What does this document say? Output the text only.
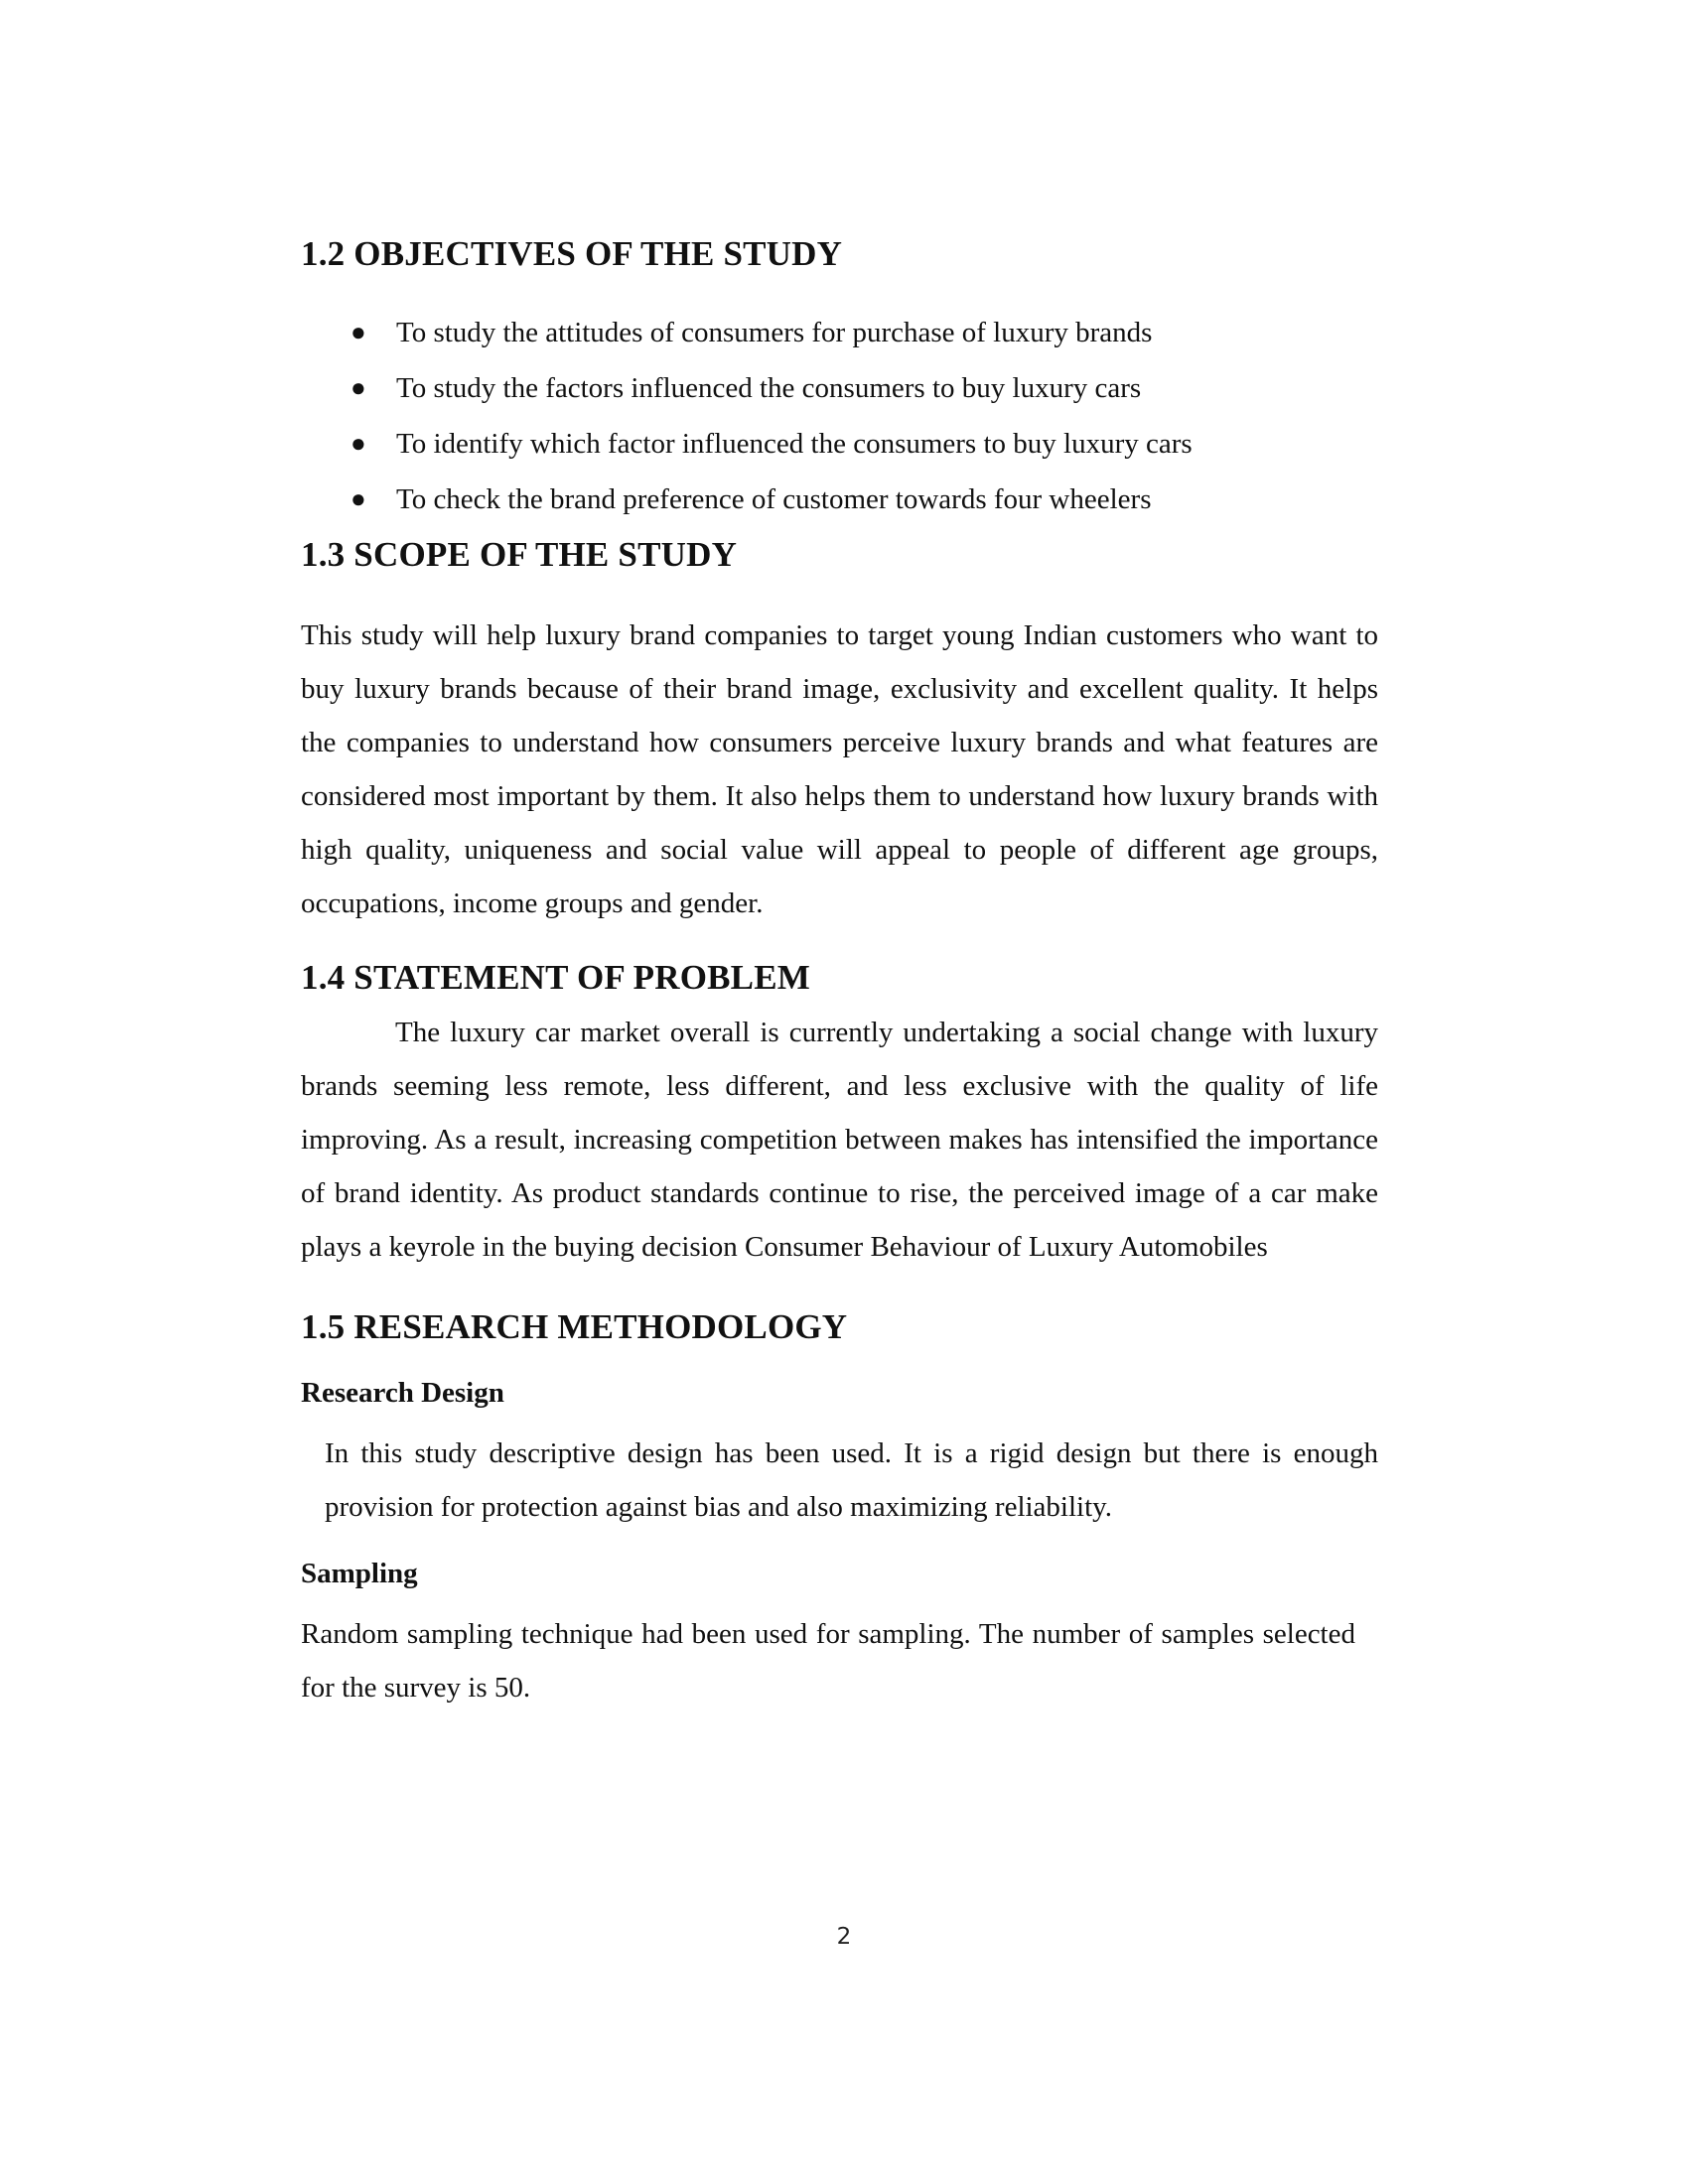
1.2 OBJECTIVES OF THE STUDY
● To study the attitudes of consumers for purchase of luxury brands
● To study the factors influenced the consumers to buy luxury cars
● To identify which factor influenced the consumers to buy luxury cars
● To check the brand preference of customer towards four wheelers
1.3 SCOPE OF THE STUDY

This study will help luxury brand companies to target young Indian customers who want to buy luxury brands because of their brand image, exclusivity and excellent quality. It helps the companies to understand how consumers perceive luxury brands and what features are considered most important by them. It also helps them to understand how luxury brands with high quality, uniqueness and social value will appeal to people of different age groups, occupations, income groups and gender.

1.4 STATEMENT OF PROBLEM

The luxury car market overall is currently undertaking a social change with luxury brands seeming less remote, less different, and less exclusive with the quality of life improving. As a result, increasing competition between makes has intensified the importance of brand identity. As product standards continue to rise, the perceived image of a car make plays a keyrole in the buying decision Consumer Behaviour of Luxury Automobiles

1.5 RESEARCH METHODOLOGY
Research Design

In this study descriptive design has been used. It is a rigid design but there is enough provision for protection against bias and also maximizing reliability.

Sampling

Random sampling technique had been used for sampling. The number of samples selected for the survey is 50.

2
